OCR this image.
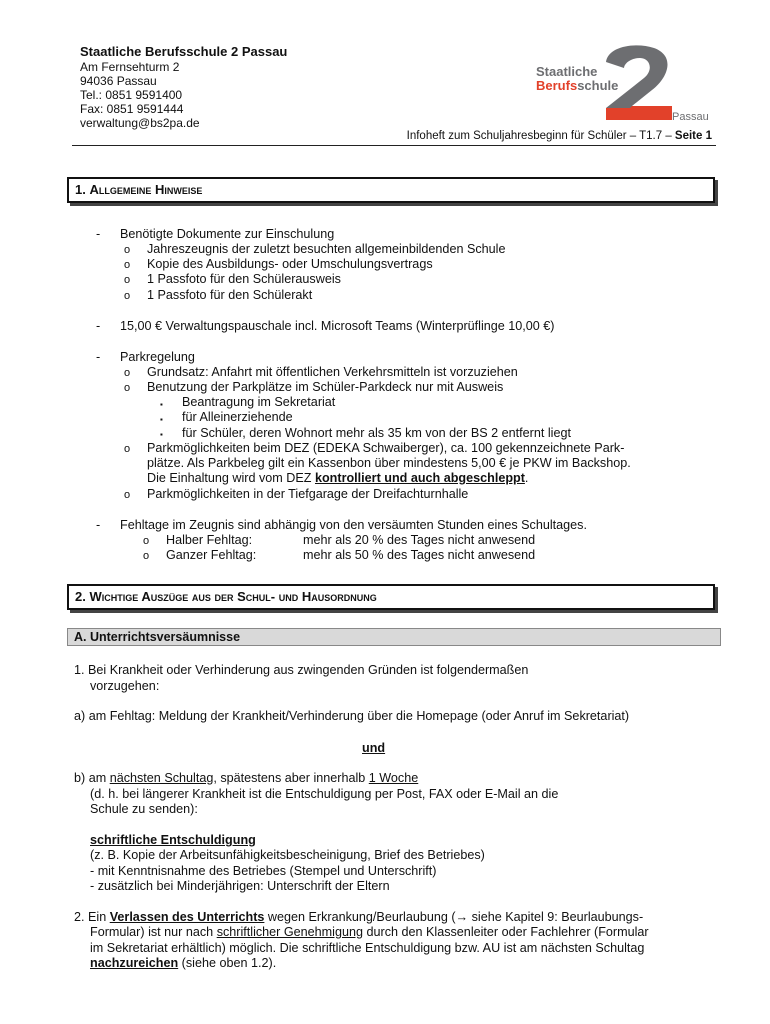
Staatliche Berufsschule 2 Passau
Am Fernsehturm 2
94036 Passau
Tel.: 0851 9591400
Fax: 0851 9591444
verwaltung@bs2pa.de
Staatliche
Berufsschule
Passau
Infoheft zum Schuljahresbeginn für Schüler – T1.7 – Seite 1
1. Allgemeine Hinweise
- Benötigte Dokumente zur Einschulung
o Jahreszeugnis der zuletzt besuchten allgemeinbildenden Schule
o Kopie des Ausbildungs- oder Umschulungsvertrags
o 1 Passfoto für den Schülerausweis
o 1 Passfoto für den Schülerakt
- 15,00 € Verwaltungspauschale incl. Microsoft Teams (Winterprüflinge 10,00 €)
- Parkregelung
o Grundsatz: Anfahrt mit öffentlichen Verkehrsmitteln ist vorzuziehen
o Benutzung der Parkplätze im Schüler-Parkdeck nur mit Ausweis
▪ Beantragung im Sekretariat
▪ für Alleinerziehende
▪ für Schüler, deren Wohnort mehr als 35 km von der BS 2 entfernt liegt
o Parkmöglichkeiten beim DEZ (EDEKA Schwaiberger), ca. 100 gekennzeichnete Park-
plätze. Als Parkbeleg gilt ein Kassenbon über mindestens 5,00 € je PKW im Backshop.
Die Einhaltung wird vom DEZ kontrolliert und auch abgeschleppt.
o Parkmöglichkeiten in der Tiefgarage der Dreifachturnhalle
- Fehltage im Zeugnis sind abhängig von den versäumten Stunden eines Schultages.
o Halber Fehltag:	mehr als 20 % des Tages nicht anwesend
o Ganzer Fehltag:	mehr als 50 % des Tages nicht anwesend
2. Wichtige Auszüge aus der Schul- und Hausordnung
A. Unterrichtsversäumnisse
1. Bei Krankheit oder Verhinderung aus zwingenden Gründen ist folgendermaßen
vorzugehen:
a) am Fehltag: Meldung der Krankheit/Verhinderung über die Homepage (oder Anruf im Sekretariat)
und
b) am nächsten Schultag, spätestens aber innerhalb 1 Woche
(d. h. bei längerer Krankheit ist die Entschuldigung per Post, FAX oder E-Mail an die
Schule zu senden):
schriftliche Entschuldigung
(z. B. Kopie der Arbeitsunfähigkeitsbescheinigung, Brief des Betriebes)
- mit Kenntnisnahme des Betriebes (Stempel und Unterschrift)
- zusätzlich bei Minderjährigen: Unterschrift der Eltern
2. Ein Verlassen des Unterrichts wegen Erkrankung/Beurlaubung (→ siehe Kapitel 9: Beurlaubungs-
Formular) ist nur nach schriftlicher Genehmigung durch den Klassenleiter oder Fachlehrer (Formular
im Sekretariat erhältlich) möglich. Die schriftliche Entschuldigung bzw. AU ist am nächsten Schultag
nachzureichen (siehe oben 1.2).
